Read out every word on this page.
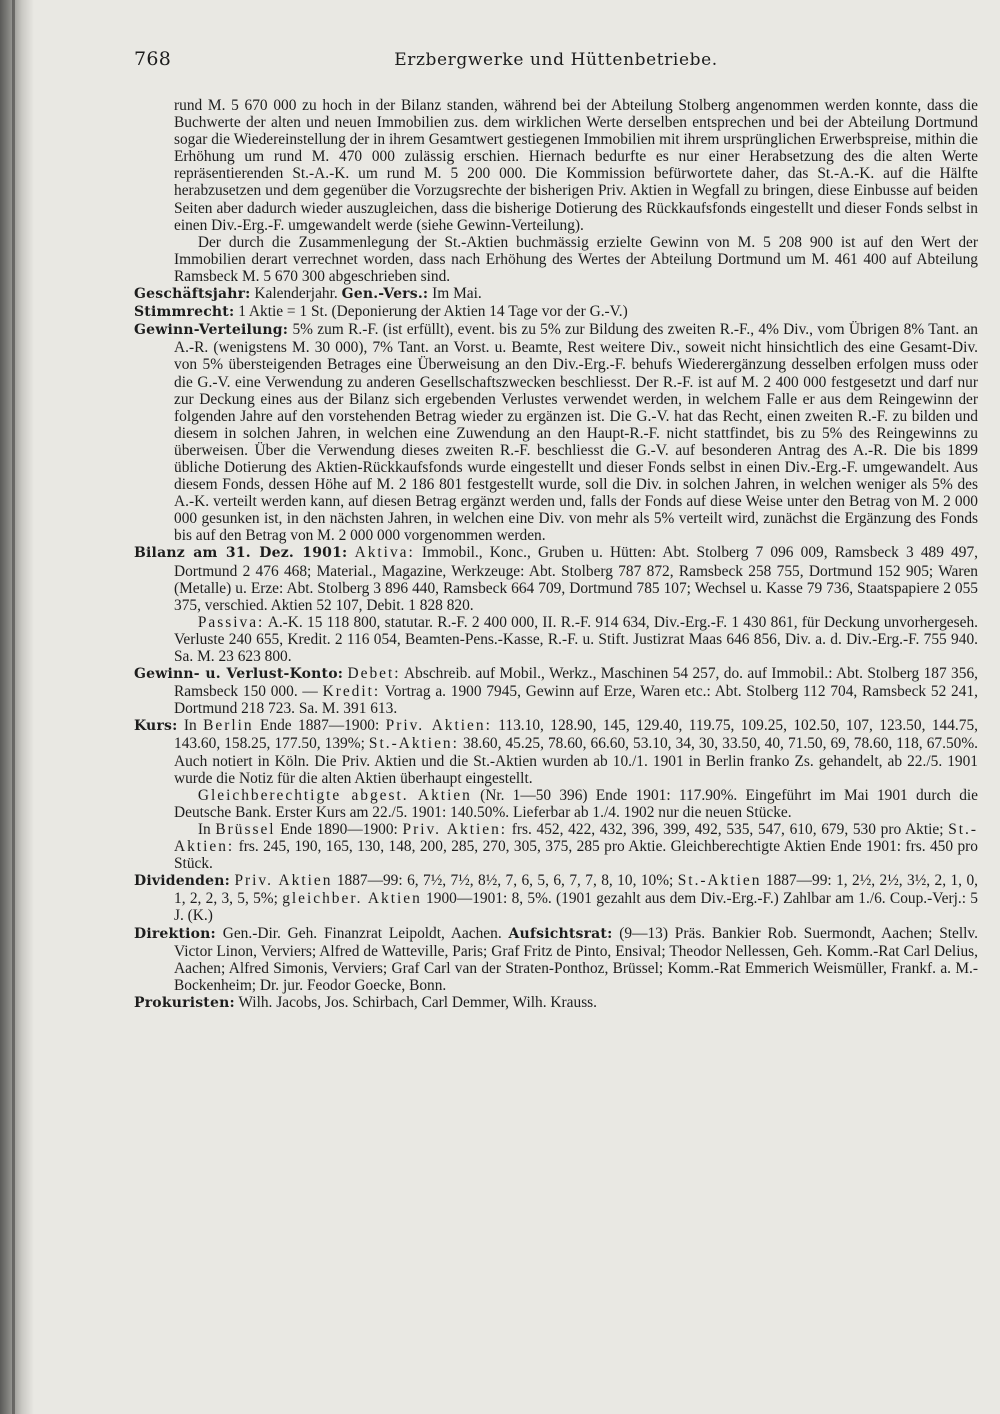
768	Erzbergwerke und Hüttenbetriebe.

rund M. 5 670 000 zu hoch in der Bilanz standen, während bei der Abteilung Stolberg angenommen werden konnte, dass die Buchwerte der alten und neuen Immobilien zus. dem wirklichen Werte derselben entsprechen und bei der Abteilung Dortmund sogar die Wiedereinstellung der in ihrem Gesamtwert gestiegenen Immobilien mit ihrem ursprünglichen Erwerbspreise, mithin die Erhöhung um rund M. 470 000 zulässig erschien. Hiernach bedurfte es nur einer Herabsetzung des die alten Werte repräsentierenden St.-A.-K. um rund M. 5 200 000. Die Kommission befürwortete daher, das St.-A.-K. auf die Hälfte herabzusetzen und dem gegenüber die Vorzugsrechte der bisherigen Priv. Aktien in Wegfall zu bringen, diese Einbusse auf beiden Seiten aber dadurch wieder auszugleichen, dass die bisherige Dotierung des Rückkaufsfonds eingestellt und dieser Fonds selbst in einen Div.-Erg.-F. umgewandelt werde (siehe Gewinn-Verteilung).

Der durch die Zusammenlegung der St.-Aktien buchmässig erzielte Gewinn von M. 5 208 900 ist auf den Wert der Immobilien derart verrechnet worden, dass nach Erhöhung des Wertes der Abteilung Dortmund um M. 461 400 auf Abteilung Ramsbeck M. 5 670 300 abgeschrieben sind.

Geschäftsjahr: Kalenderjahr. Gen.-Vers.: Im Mai.

Stimmrecht: 1 Aktie = 1 St. (Deponierung der Aktien 14 Tage vor der G.-V.)

Gewinn-Verteilung: 5% zum R.-F. (ist erfüllt), event. bis zu 5% zur Bildung des zweiten R.-F., 4% Div., vom Übrigen 8% Tant. an A.-R. (wenigstens M. 30 000), 7% Tant. an Vorst. u. Beamte, Rest weitere Div., soweit nicht hinsichtlich des eine Gesamt-Div. von 5% übersteigenden Betrages eine Überweisung an den Div.-Erg.-F. behufs Wiederergänzung desselben erfolgen muss oder die G.-V. eine Verwendung zu anderen Gesellschaftszwecken beschliesst. Der R.-F. ist auf M. 2 400 000 festgesetzt und darf nur zur Deckung eines aus der Bilanz sich ergebenden Verlustes verwendet werden, in welchem Falle er aus dem Reingewinn der folgenden Jahre auf den vorstehenden Betrag wieder zu ergänzen ist. Die G.-V. hat das Recht, einen zweiten R.-F. zu bilden und diesem in solchen Jahren, in welchen eine Zuwendung an den Haupt-R.-F. nicht stattfindet, bis zu 5% des Reingewinns zu überweisen. Über die Verwendung dieses zweiten R.-F. beschliesst die G.-V. auf besonderen Antrag des A.-R. Die bis 1899 übliche Dotierung des Aktien-Rückkaufsfonds wurde eingestellt und dieser Fonds selbst in einen Div.-Erg.-F. umgewandelt. Aus diesem Fonds, dessen Höhe auf M. 2 186 801 festgestellt wurde, soll die Div. in solchen Jahren, in welchen weniger als 5% des A.-K. verteilt werden kann, auf diesen Betrag ergänzt werden und, falls der Fonds auf diese Weise unter den Betrag von M. 2 000 000 gesunken ist, in den nächsten Jahren, in welchen eine Div. von mehr als 5% verteilt wird, zunächst die Ergänzung des Fonds bis auf den Betrag von M. 2 000 000 vorgenommen werden.

Bilanz am 31. Dez. 1901: Aktiva: Immobil., Konc., Gruben u. Hütten: Abt. Stolberg 7 096 009, Ramsbeck 3 489 497, Dortmund 2 476 468; Material., Magazine, Werkzeuge: Abt. Stolberg 787 872, Ramsbeck 258 755, Dortmund 152 905; Waren (Metalle) u. Erze: Abt. Stolberg 3 896 440, Ramsbeck 664 709, Dortmund 785 107; Wechsel u. Kasse 79 736, Staatspapiere 2 055 375, verschied. Aktien 52 107, Debit. 1 828 820.

Passiva: A.-K. 15 118 800, statutar. R.-F. 2 400 000, II. R.-F. 914 634, Div.-Erg.-F. 1 430 861, für Deckung unvorhergeseh. Verluste 240 655, Kredit. 2 116 054, Beamten-Pens.-Kasse, R.-F. u. Stift. Justizrat Maas 646 856, Div. a. d. Div.-Erg.-F. 755 940. Sa. M. 23 623 800.

Gewinn- u. Verlust-Konto: Debet: Abschreib. auf Mobil., Werkz., Maschinen 54 257, do. auf Immobil.: Abt. Stolberg 187 356, Ramsbeck 150 000. — Kredit: Vortrag a. 1900 7945, Gewinn auf Erze, Waren etc.: Abt. Stolberg 112 704, Ramsbeck 52 241, Dortmund 218 723. Sa. M. 391 613.

Kurs: In Berlin Ende 1887—1900: Priv. Aktien: 113.10, 128.90, 145, 129.40, 119.75, 109.25, 102.50, 107, 123.50, 144.75, 143.60, 158.25, 177.50, 139%; St.-Aktien: 38.60, 45.25, 78.60, 66.60, 53.10, 34, 30, 33.50, 40, 71.50, 69, 78.60, 118, 67.50%. Auch notiert in Köln. Die Priv. Aktien und die St.-Aktien wurden ab 10./1. 1901 in Berlin franko Zs. gehandelt, ab 22./5. 1901 wurde die Notiz für die alten Aktien überhaupt eingestellt.

Gleichberechtigte abgest. Aktien (Nr. 1—50 396) Ende 1901: 117.90%. Eingeführt im Mai 1901 durch die Deutsche Bank. Erster Kurs am 22./5. 1901: 140.50%. Lieferbar ab 1./4. 1902 nur die neuen Stücke.

In Brüssel Ende 1890—1900: Priv. Aktien: frs. 452, 422, 432, 396, 399, 492, 535, 547, 610, 679, 530 pro Aktie; St.-Aktien: frs. 245, 190, 165, 130, 148, 200, 285, 270, 305, 375, 285 pro Aktie. Gleichberechtigte Aktien Ende 1901: frs. 450 pro Stück.

Dividenden: Priv. Aktien 1887—99: 6, 7½, 7½, 8½, 7, 6, 5, 6, 7, 7, 8, 10, 10%; St.-Aktien 1887—99: 1, 2½, 2½, 3½, 2, 1, 0, 1, 2, 2, 3, 5, 5%; gleichber. Aktien 1900—1901: 8, 5%. (1901 gezahlt aus dem Div.-Erg.-F.) Zahlbar am 1./6. Coup.-Verj.: 5 J. (K.)

Direktion: Gen.-Dir. Geh. Finanzrat Leipoldt, Aachen. Aufsichtsrat: (9—13) Präs. Bankier Rob. Suermondt, Aachen; Stellv. Victor Linon, Verviers; Alfred de Watteville, Paris; Graf Fritz de Pinto, Ensival; Theodor Nellessen, Geh. Komm.-Rat Carl Delius, Aachen; Alfred Simonis, Verviers; Graf Carl van der Straten-Ponthoz, Brüssel; Komm.-Rat Emmerich Weismüller, Frankf. a. M.-Bockenheim; Dr. jur. Feodor Goecke, Bonn.

Prokuristen: Wilh. Jacobs, Jos. Schirbach, Carl Demmer, Wilh. Krauss.
